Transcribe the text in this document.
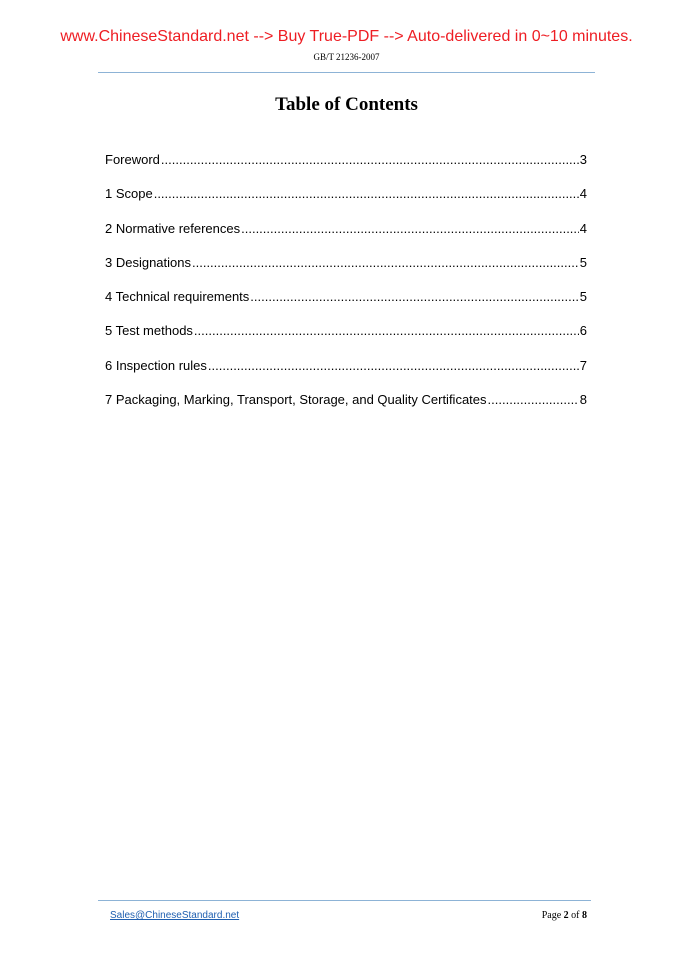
www.ChineseStandard.net --> Buy True-PDF --> Auto-delivered in 0~10 minutes.
GB/T 21236-2007
Table of Contents
Foreword .....	3
1 Scope .....	4
2 Normative references .....	4
3 Designations .....	5
4 Technical requirements .....	5
5 Test methods .....	6
6 Inspection rules .....	7
7 Packaging, Marking, Transport, Storage, and Quality Certificates .....	8
Sales@ChineseStandard.net	Page 2 of 8
